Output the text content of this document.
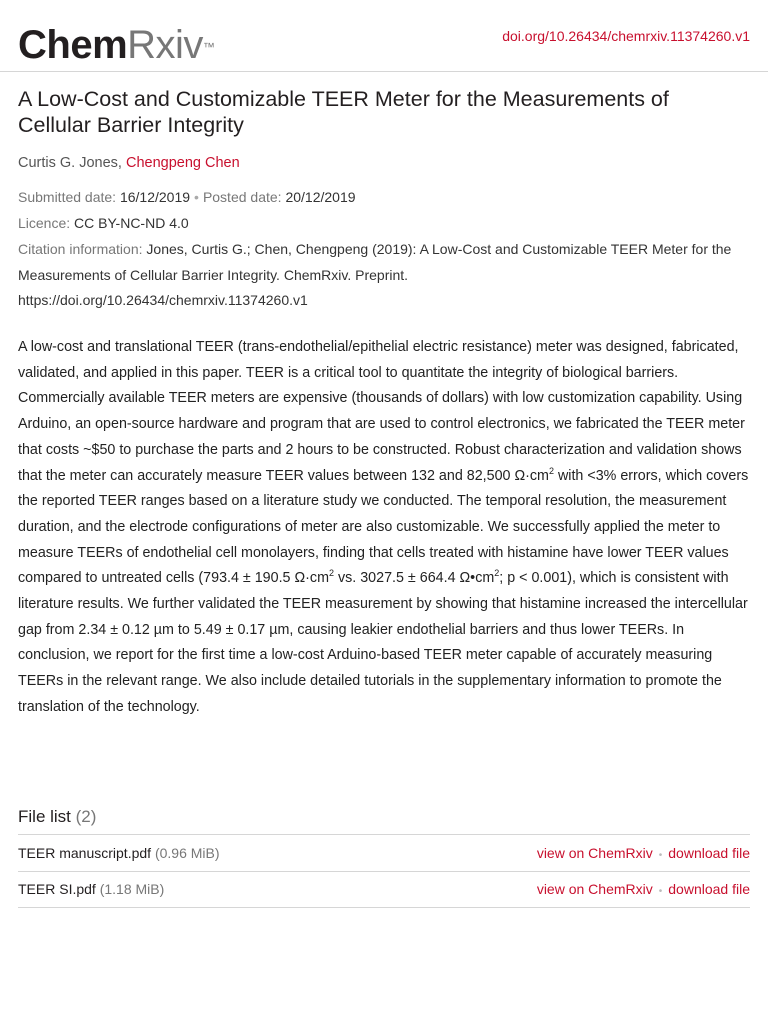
ChemRxiv™
doi.org/10.26434/chemrxiv.11374260.v1
A Low-Cost and Customizable TEER Meter for the Measurements of Cellular Barrier Integrity
Curtis G. Jones, Chengpeng Chen
Submitted date: 16/12/2019 • Posted date: 20/12/2019
Licence: CC BY-NC-ND 4.0
Citation information: Jones, Curtis G.; Chen, Chengpeng (2019): A Low-Cost and Customizable TEER Meter for the Measurements of Cellular Barrier Integrity. ChemRxiv. Preprint.
https://doi.org/10.26434/chemrxiv.11374260.v1
A low-cost and translational TEER (trans-endothelial/epithelial electric resistance) meter was designed, fabricated, validated, and applied in this paper. TEER is a critical tool to quantitate the integrity of biological barriers. Commercially available TEER meters are expensive (thousands of dollars) with low customization capability. Using Arduino, an open-source hardware and program that are used to control electronics, we fabricated the TEER meter that costs ~$50 to purchase the parts and 2 hours to be constructed. Robust characterization and validation shows that the meter can accurately measure TEER values between 132 and 82,500 $\Omega\cdot cm^2$ with <3% errors, which covers the reported TEER ranges based on a literature study we conducted. The temporal resolution, the measurement duration, and the electrode configurations of meter are also customizable. We successfully applied the meter to measure TEERs of endothelial cell monolayers, finding that cells treated with histamine have lower TEER values compared to untreated cells (793.4 ± 190.5 $\Omega\cdot cm^2$ vs. 3027.5 ± 664.4 $\Omega•cm^2$; p < 0.001), which is consistent with literature results. We further validated the TEER measurement by showing that histamine increased the intercellular gap from 2.34 ± 0.12 µm to 5.49 ± 0.17 µm, causing leakier endothelial barriers and thus lower TEERs. In conclusion, we report for the first time a low-cost Arduino-based TEER meter capable of accurately measuring TEERs in the relevant range. We also include detailed tutorials in the supplementary information to promote the translation of the technology.
File list (2)
TEER manuscript.pdf (0.96 MiB)	view on ChemRxiv • download file
TEER SI.pdf (1.18 MiB)	view on ChemRxiv • download file
